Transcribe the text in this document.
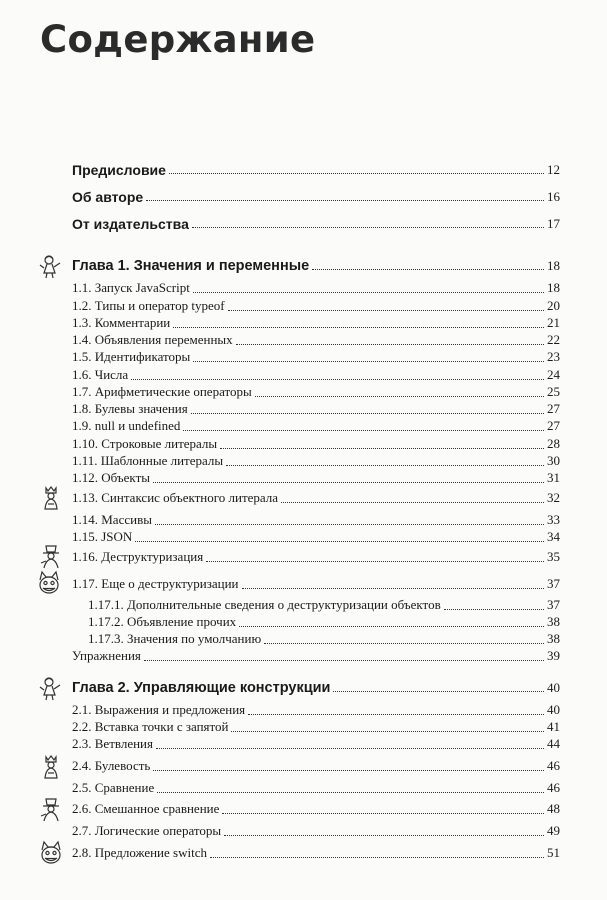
Содержание
Предисловие	12
Об авторе	16
От издательства	17
Глава 1. Значения и переменные	18
1.1. Запуск JavaScript	18
1.2. Типы и оператор typeof	20
1.3. Комментарии	21
1.4. Объявления переменных	22
1.5. Идентификаторы	23
1.6. Числа	24
1.7. Арифметические операторы	25
1.8. Булевы значения	27
1.9. null и undefined	27
1.10. Строковые литералы	28
1.11. Шаблонные литералы	30
1.12. Объекты	31
1.13. Синтаксис объектного литерала	32
1.14. Массивы	33
1.15. JSON	34
1.16. Деструктуризация	35
1.17. Еще о деструктуризации	37
1.17.1. Дополнительные сведения о деструктуризации объектов	37
1.17.2. Объявление прочих	38
1.17.3. Значения по умолчанию	38
Упражнения	39
Глава 2. Управляющие конструкции	40
2.1. Выражения и предложения	40
2.2. Вставка точки с запятой	41
2.3. Ветвления	44
2.4. Булевость	46
2.5. Сравнение	46
2.6. Смешанное сравнение	48
2.7. Логические операторы	49
2.8. Предложение switch	51
